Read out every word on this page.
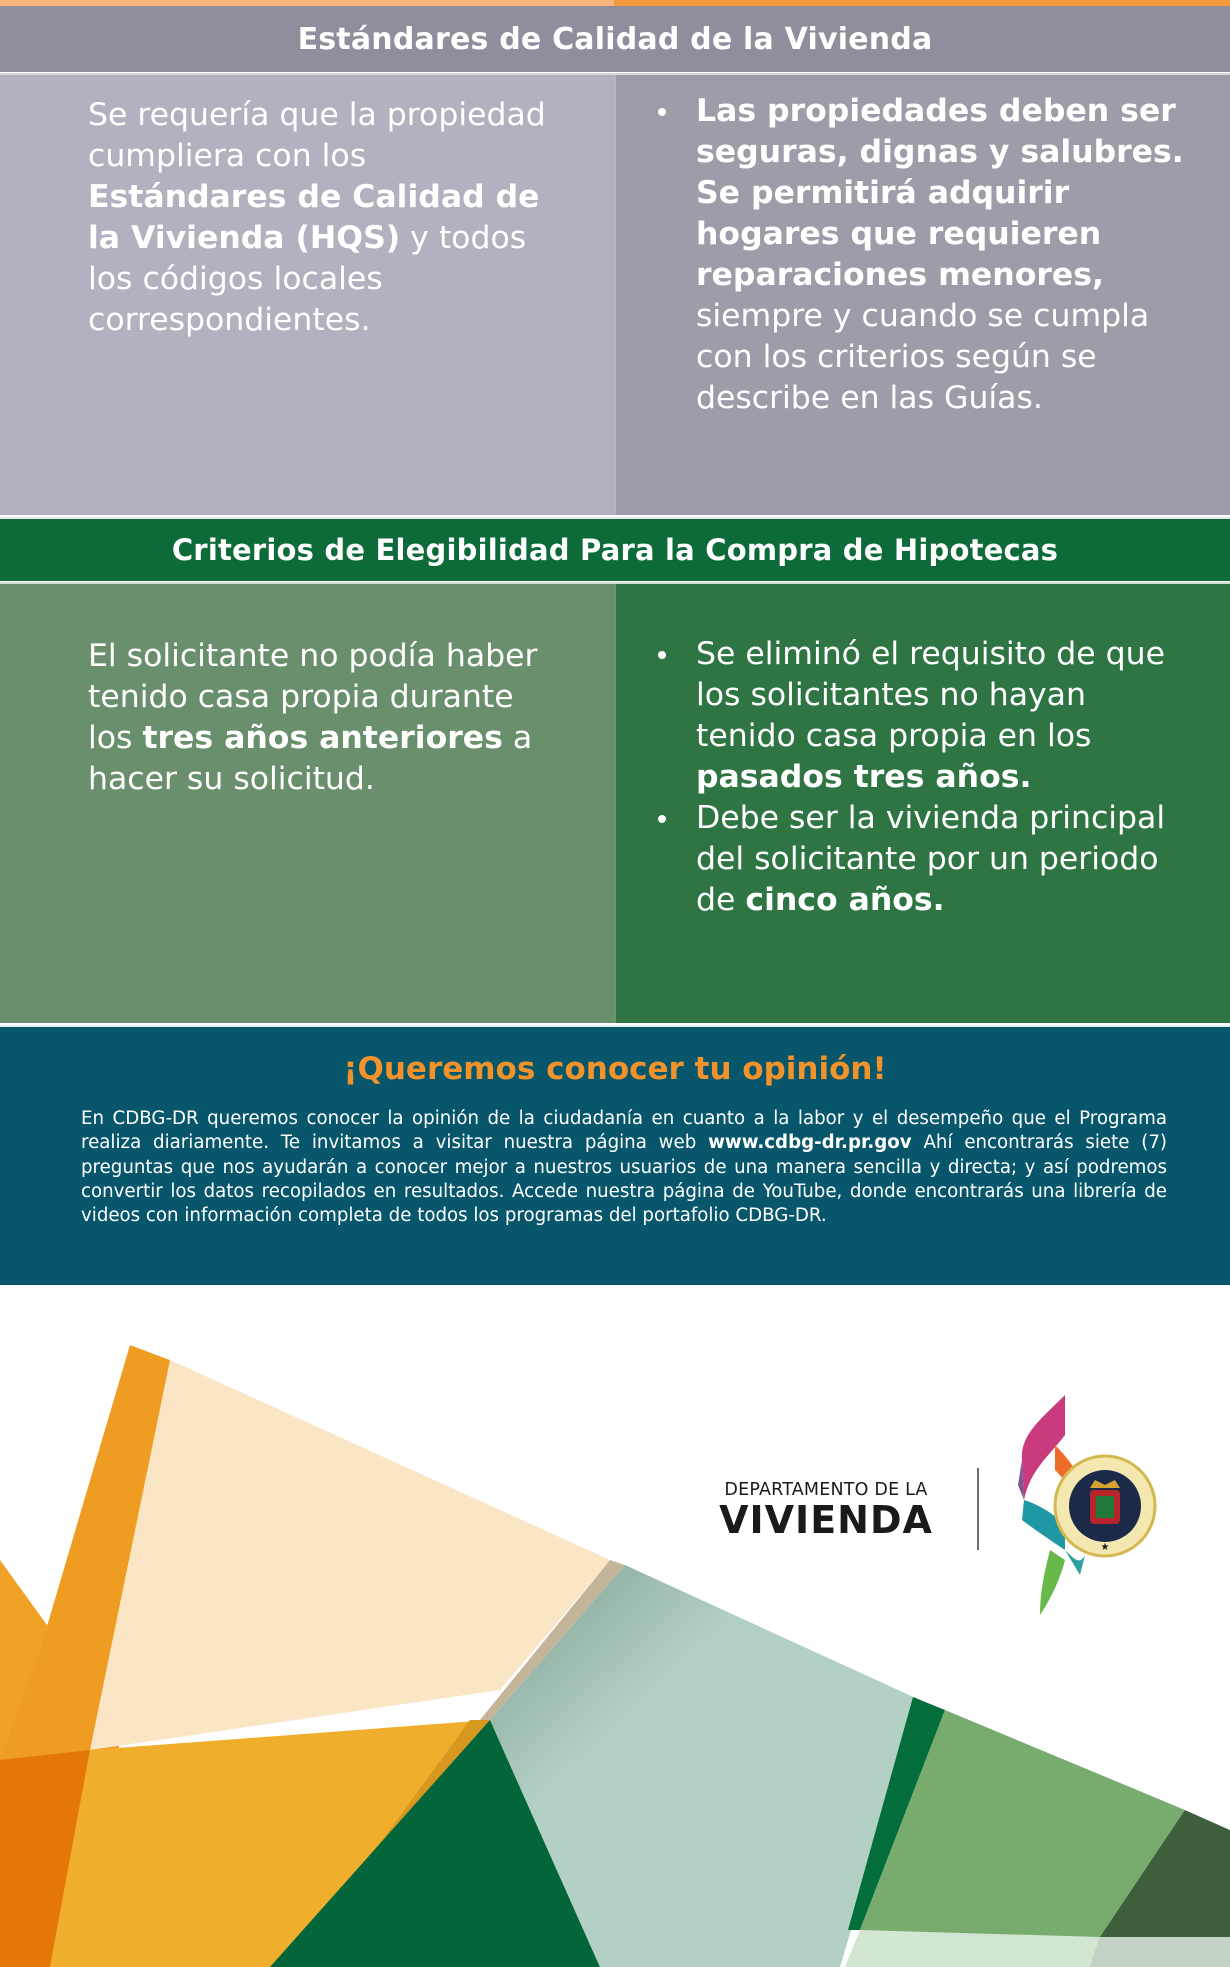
Estándares de Calidad de la Vivienda
Se requería que la propiedad cumpliera con los Estándares de Calidad de la Vivienda (HQS) y todos los códigos locales correspondientes.
Las propiedades deben ser seguras, dignas y salubres. Se permitirá adquirir hogares que requieren reparaciones menores, siempre y cuando se cumpla con los criterios según se describe en las Guías.
Criterios de Elegibilidad Para la Compra de Hipotecas
El solicitante no podía haber tenido casa propia durante los tres años anteriores a hacer su solicitud.
Se eliminó el requisito de que los solicitantes no hayan tenido casa propia en los pasados tres años.
Debe ser la vivienda principal del solicitante por un periodo de cinco años.
¡Queremos conocer tu opinión!

En CDBG-DR queremos conocer la opinión de la ciudadanía en cuanto a la labor y el desempeño que el Programa realiza diariamente. Te invitamos a visitar nuestra página web www.cdbg-dr.pr.gov Ahí encontrarás siete (7) preguntas que nos ayudarán a conocer mejor a nuestros usuarios de una manera sencilla y directa; y así podremos convertir los datos recopilados en resultados. Accede nuestra página de YouTube, donde encontrarás una librería de videos con información completa de todos los programas del portafolio CDBG-DR.

DEPARTAMENTO DE LA
VIVIENDA
★
